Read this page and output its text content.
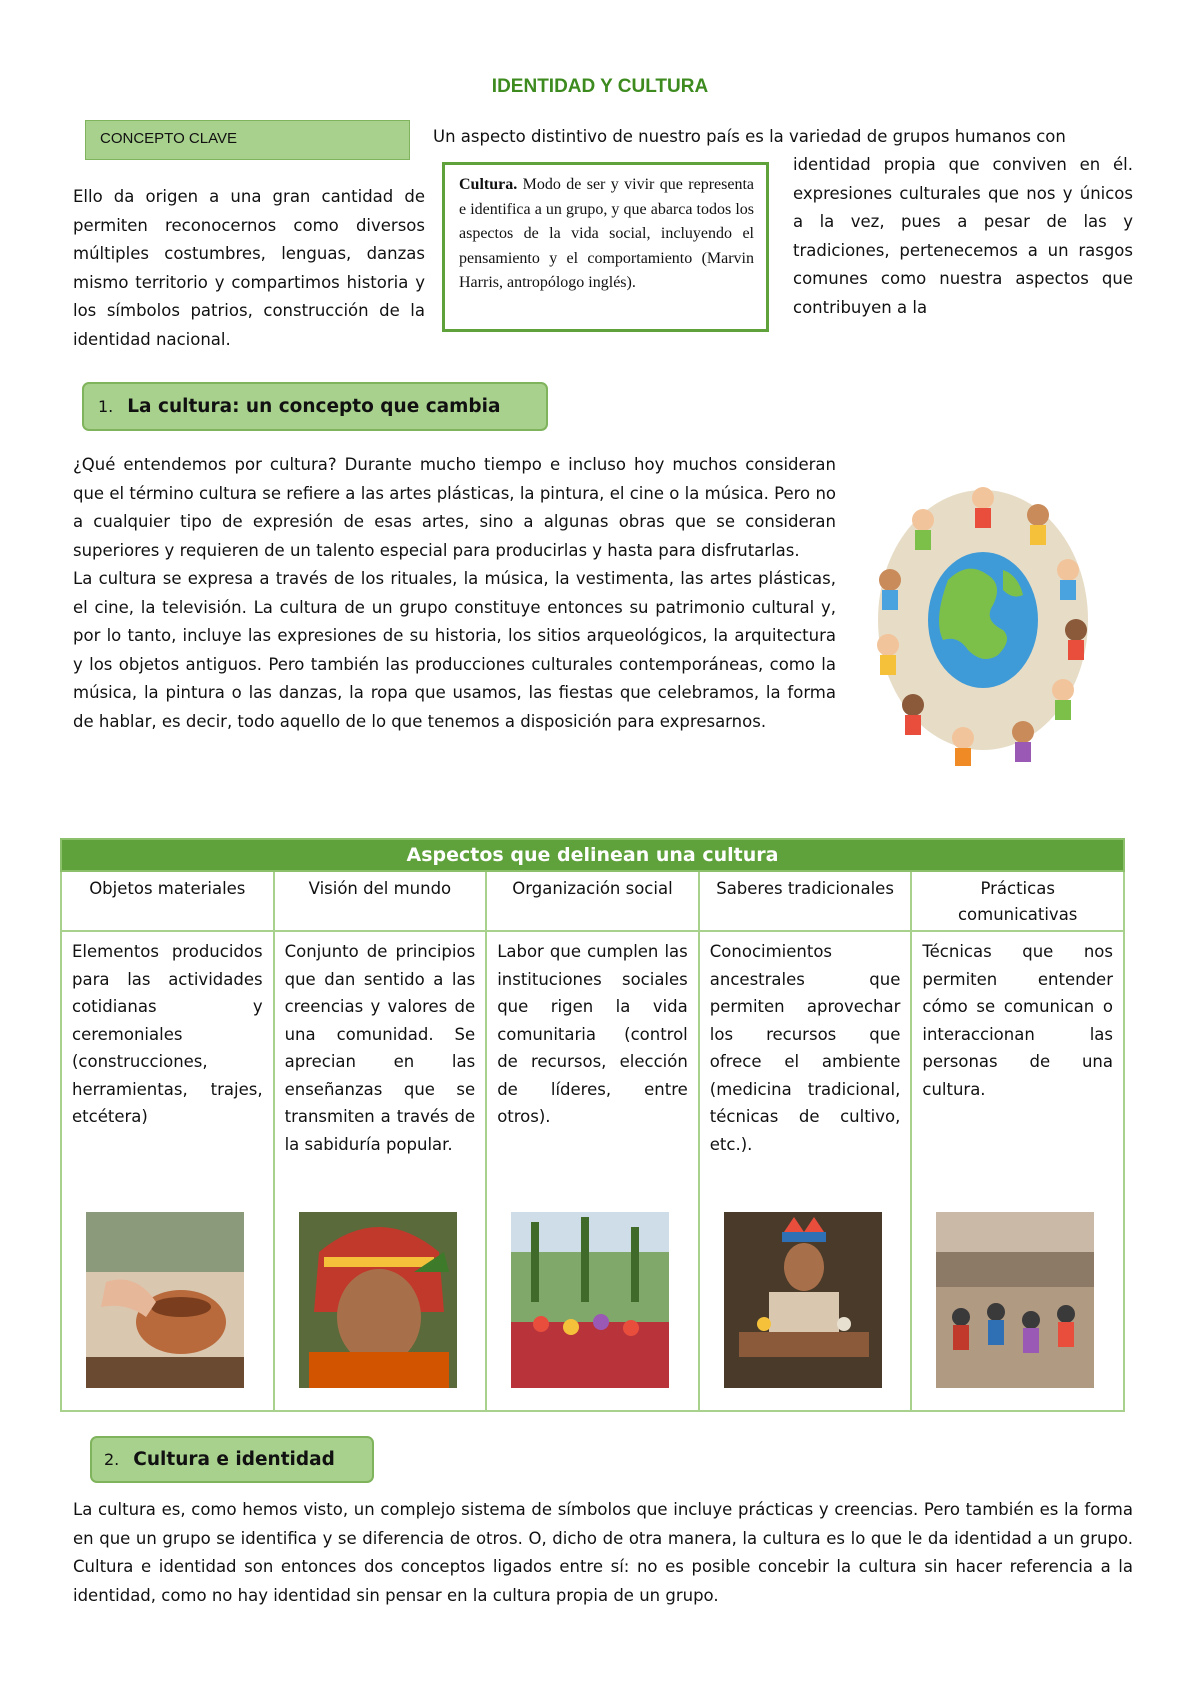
IDENTIDAD Y CULTURA
CONCEPTO CLAVE	Un aspecto distintivo de nuestro país es la variedad de grupos humanos con
Ello da origen a una gran cantidad de permiten reconocernos como diversos múltiples costumbres, lenguas, danzas mismo territorio y compartimos historia y los símbolos patrios, construcción de la identidad nacional.
identidad propia que conviven en él. expresiones culturales que nos y únicos a la vez, pues a pesar de las y tradiciones, pertenecemos a un rasgos comunes como nuestra aspectos que contribuyen a la

Cultura. Modo de ser y vivir que representa e identifica a un grupo, y que abarca todos los aspectos de la vida social, incluyendo el pensamiento y el comportamiento (Marvin Harris, antropólogo inglés).

1. La cultura: un concepto que cambia
¿Qué entendemos por cultura? Durante mucho tiempo e incluso hoy muchos consideran que el término cultura se refiere a las artes plásticas, la pintura, el cine o la música. Pero no a cualquier tipo de expresión de esas artes, sino a algunas obras que se consideran superiores y requieren de un talento especial para producirlas y hasta para disfrutarlas.
La cultura se expresa a través de los rituales, la música, la vestimenta, las artes plásticas, el cine, la televisión. La cultura de un grupo constituye entonces su patrimonio cultural y, por lo tanto, incluye las expresiones de su historia, los sitios arqueológicos, la arquitectura y los objetos antiguos. Pero también las producciones culturales contemporáneas, como la música, la pintura o las danzas, la ropa que usamos, las fiestas que celebramos, la forma de hablar, es decir, todo aquello de lo que tenemos a disposición para expresarnos.
Aspectos que delinean una cultura				
Objetos materiales	Visión del mundo	Organización social	Saberes tradicionales	Prácticas comunicativas

Elementos producidos para las actividades cotidianas y ceremoniales (construcciones, herramientas, trajes, etcétera)	Conjunto de principios que dan sentido a las creencias y valores de una comunidad. Se aprecian en las enseñanzas que se transmiten a través de la sabiduría popular.	Labor que cumplen las instituciones sociales que rigen la vida comunitaria (control de recursos, elección de líderes, entre otros).	Conocimientos ancestrales que permiten aprovechar los recursos que ofrece el ambiente (medicina tradicional, técnicas de cultivo, etc.).	Técnicas que nos permiten entender cómo se comunican o interaccionan las personas de una cultura.
2. Cultura e identidad
La cultura es, como hemos visto, un complejo sistema de símbolos que incluye prácticas y creencias. Pero también es la forma en que un grupo se identifica y se diferencia de otros. O, dicho de otra manera, la cultura es lo que le da identidad a un grupo. Cultura e identidad son entonces dos conceptos ligados entre sí: no es posible concebir la cultura sin hacer referencia a la identidad, como no hay identidad sin pensar en la cultura propia de un grupo.
